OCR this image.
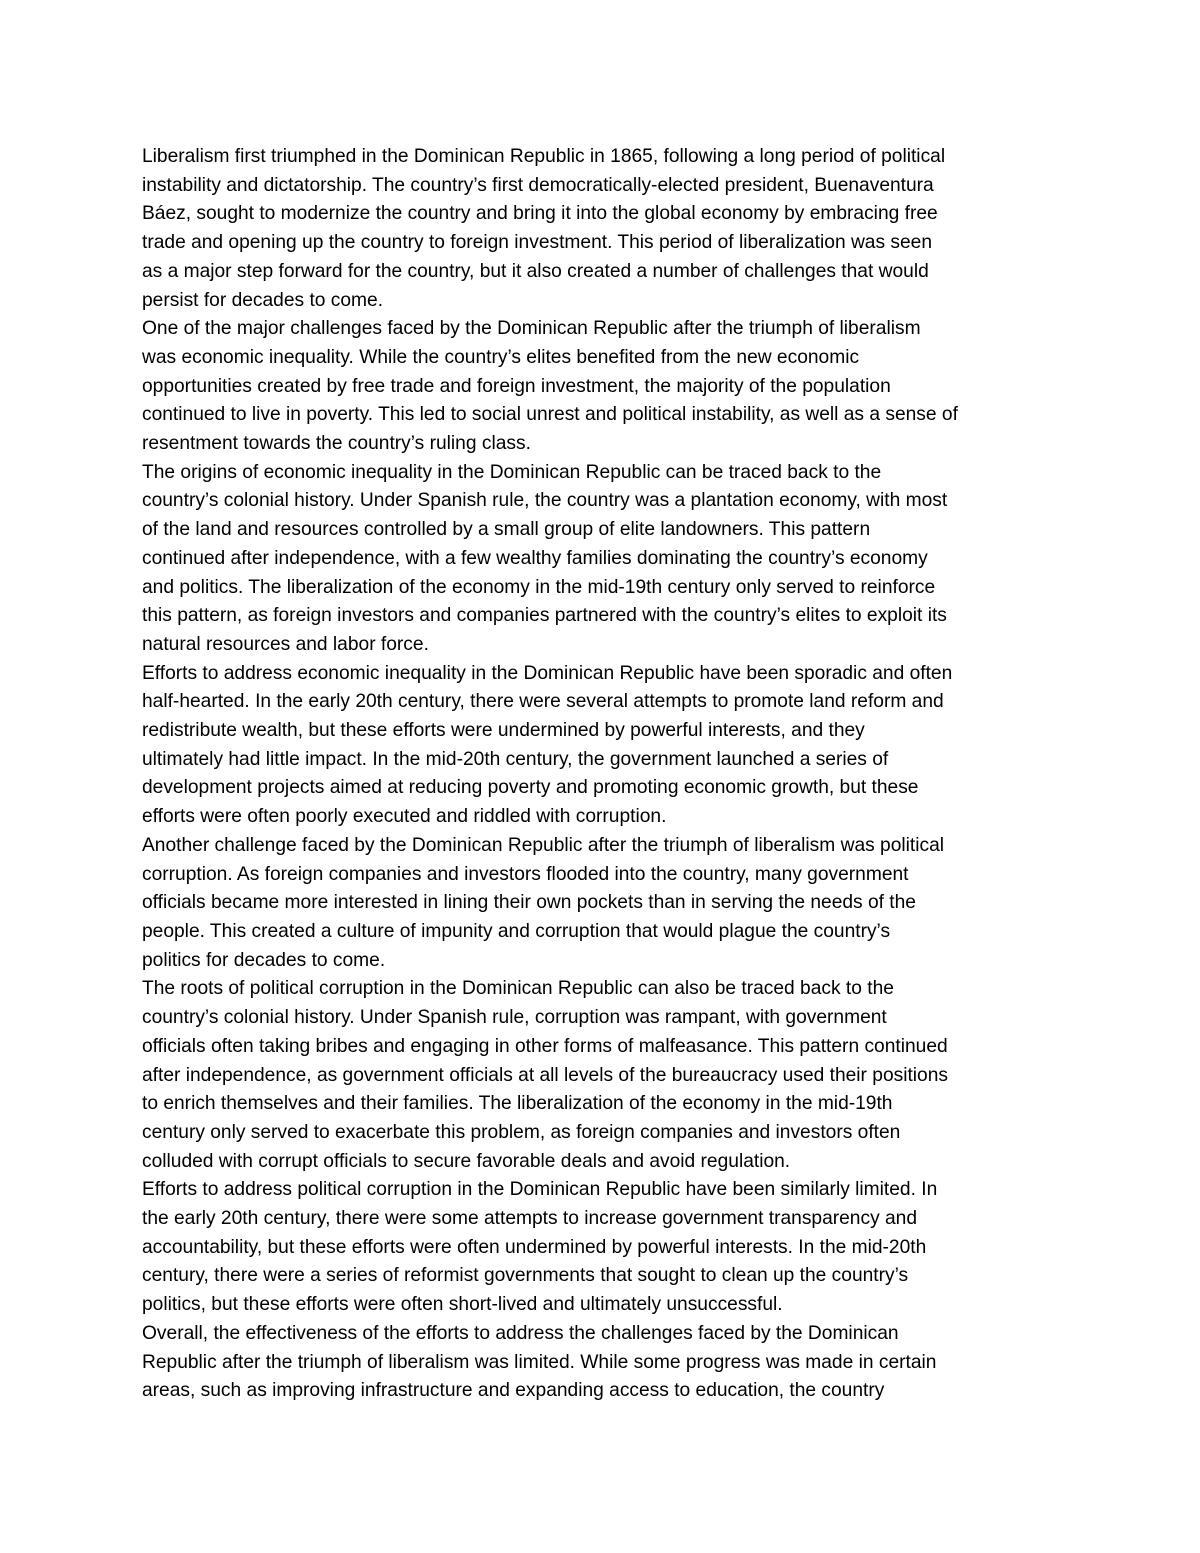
Liberalism first triumphed in the Dominican Republic in 1865, following a long period of political
instability and dictatorship. The country’s first democratically-elected president, Buenaventura
Báez, sought to modernize the country and bring it into the global economy by embracing free
trade and opening up the country to foreign investment. This period of liberalization was seen
as a major step forward for the country, but it also created a number of challenges that would
persist for decades to come.
One of the major challenges faced by the Dominican Republic after the triumph of liberalism
was economic inequality. While the country’s elites benefited from the new economic
opportunities created by free trade and foreign investment, the majority of the population
continued to live in poverty. This led to social unrest and political instability, as well as a sense of
resentment towards the country’s ruling class.
The origins of economic inequality in the Dominican Republic can be traced back to the
country’s colonial history. Under Spanish rule, the country was a plantation economy, with most
of the land and resources controlled by a small group of elite landowners. This pattern
continued after independence, with a few wealthy families dominating the country’s economy
and politics. The liberalization of the economy in the mid-19th century only served to reinforce
this pattern, as foreign investors and companies partnered with the country’s elites to exploit its
natural resources and labor force.
Efforts to address economic inequality in the Dominican Republic have been sporadic and often
half-hearted. In the early 20th century, there were several attempts to promote land reform and
redistribute wealth, but these efforts were undermined by powerful interests, and they
ultimately had little impact. In the mid-20th century, the government launched a series of
development projects aimed at reducing poverty and promoting economic growth, but these
efforts were often poorly executed and riddled with corruption.
Another challenge faced by the Dominican Republic after the triumph of liberalism was political
corruption. As foreign companies and investors flooded into the country, many government
officials became more interested in lining their own pockets than in serving the needs of the
people. This created a culture of impunity and corruption that would plague the country’s
politics for decades to come.
The roots of political corruption in the Dominican Republic can also be traced back to the
country’s colonial history. Under Spanish rule, corruption was rampant, with government
officials often taking bribes and engaging in other forms of malfeasance. This pattern continued
after independence, as government officials at all levels of the bureaucracy used their positions
to enrich themselves and their families. The liberalization of the economy in the mid-19th
century only served to exacerbate this problem, as foreign companies and investors often
colluded with corrupt officials to secure favorable deals and avoid regulation.
Efforts to address political corruption in the Dominican Republic have been similarly limited. In
the early 20th century, there were some attempts to increase government transparency and
accountability, but these efforts were often undermined by powerful interests. In the mid-20th
century, there were a series of reformist governments that sought to clean up the country’s
politics, but these efforts were often short-lived and ultimately unsuccessful.
Overall, the effectiveness of the efforts to address the challenges faced by the Dominican
Republic after the triumph of liberalism was limited. While some progress was made in certain
areas, such as improving infrastructure and expanding access to education, the country
